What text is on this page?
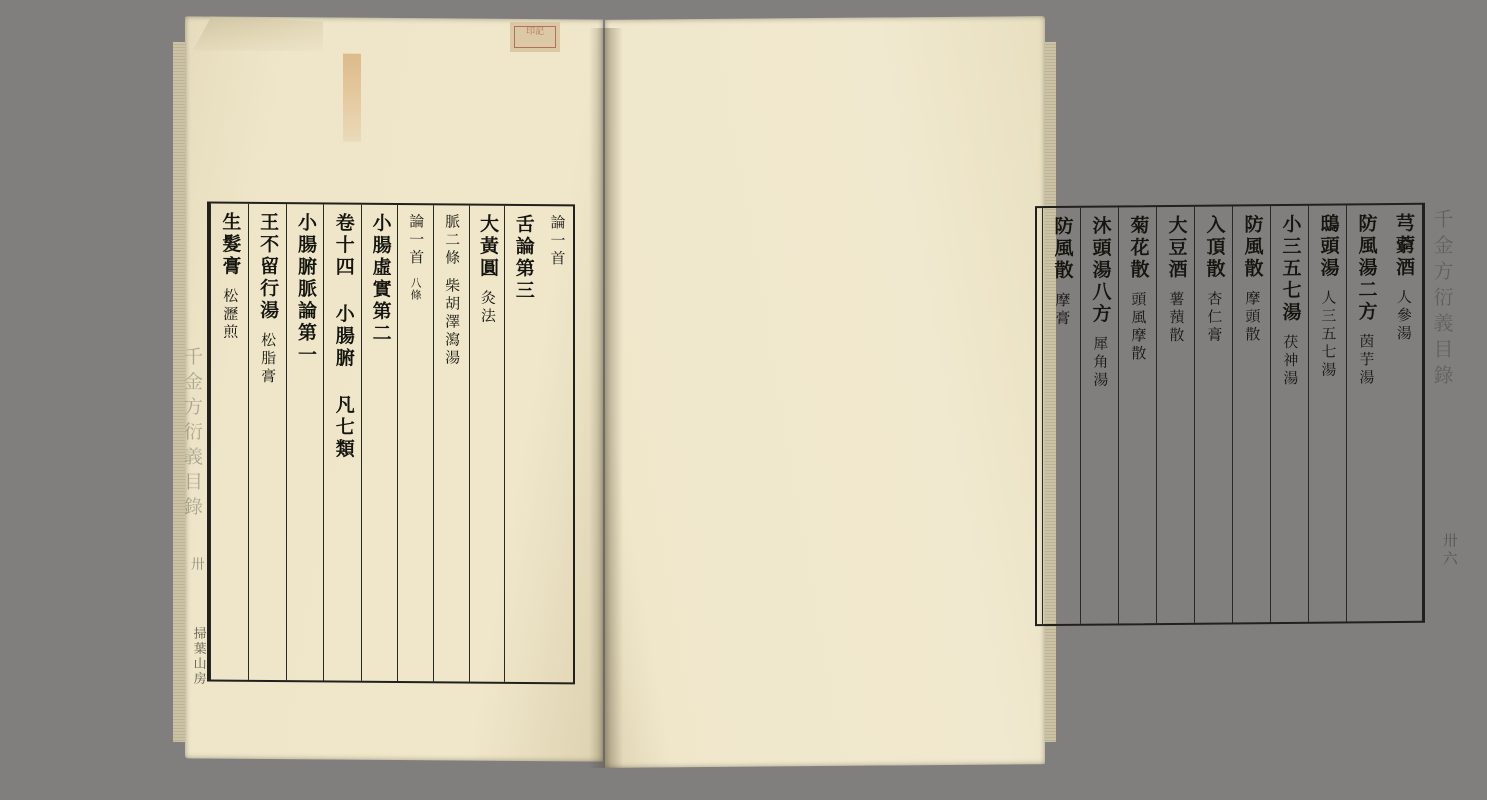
論一首
舌論第三
大黃圓
灸法
脈二條
柴胡澤瀉湯
論一首
八條
小腸虛實第二
卷十四 小腸腑 凡七類
小腸腑脈論第一
王不留行湯
松脂膏
生髮膏
松瀝煎
千金方衍義目錄
卅
掃葉山房
芎藭酒
人參湯
防風湯二方
茵芋湯
鴟頭湯
人三五七湯
小三五七湯
茯神湯
防風散
摩頭散
入頂散
杏仁膏
大豆酒
薯蕷散
菊花散
頭風摩散
沐頭湯八方
犀角湯
防風散
摩膏	千金方衍義目錄
卅六
印記
